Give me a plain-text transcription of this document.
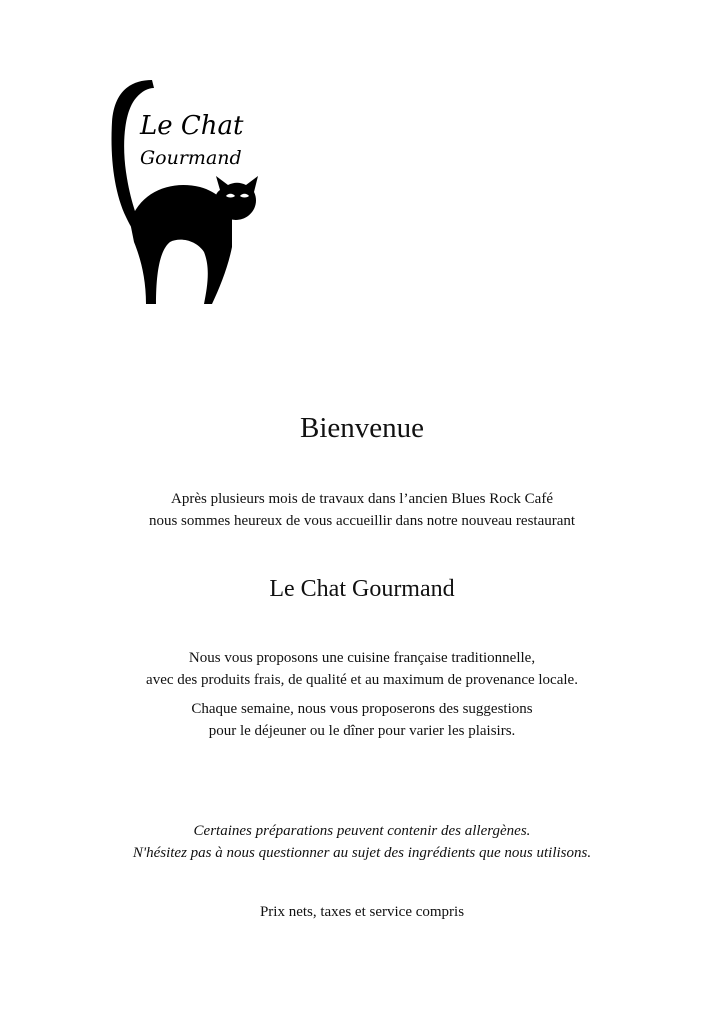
Le Chat
Gourmand
Bienvenue
Après plusieurs mois de travaux dans l’ancien Blues Rock Café
nous sommes heureux de vous accueillir dans notre nouveau restaurant
Le Chat Gourmand
Nous vous proposons une cuisine française traditionnelle,
avec des produits frais, de qualité et au maximum de provenance locale.
Chaque semaine, nous vous proposerons des suggestions
pour le déjeuner ou le dîner pour varier les plaisirs.
Certaines préparations peuvent contenir des allergènes.
N'hésitez pas à nous questionner au sujet des ingrédients que nous utilisons.
Prix nets, taxes et service compris
